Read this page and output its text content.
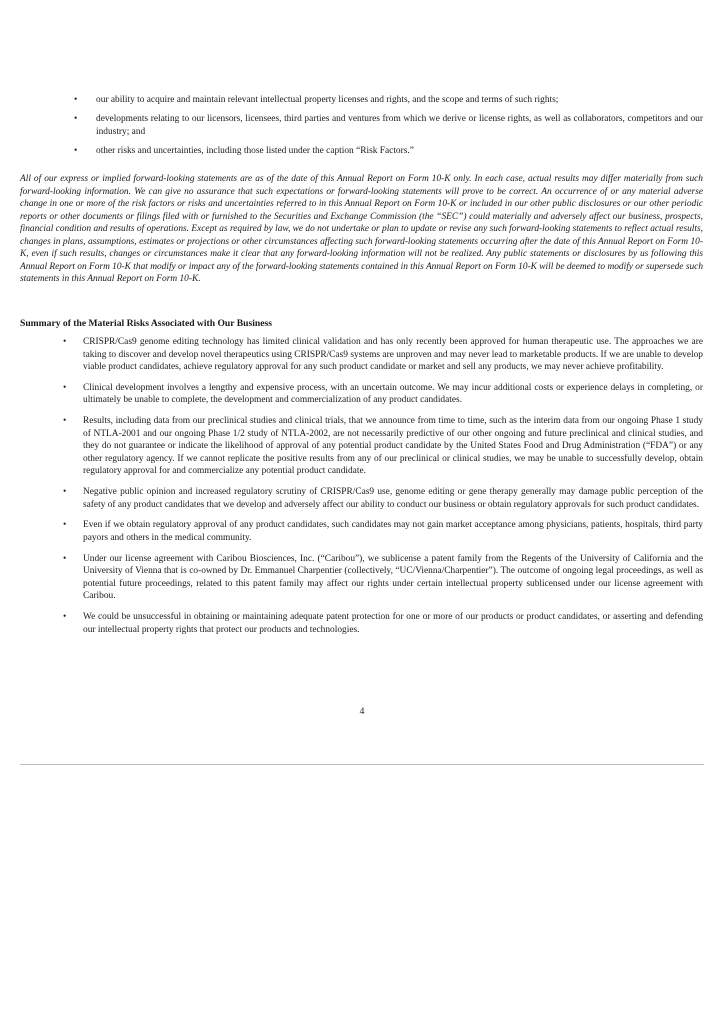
• our ability to acquire and maintain relevant intellectual property licenses and rights, and the scope and terms of such rights;
• developments relating to our licensors, licensees, third parties and ventures from which we derive or license rights, as well as collaborators, competitors and our industry; and
• other risks and uncertainties, including those listed under the caption “Risk Factors.”

All of our express or implied forward-looking statements are as of the date of this Annual Report on Form 10-K only. In each case, actual results may differ materially from such forward-looking information. We can give no assurance that such expectations or forward-looking statements will prove to be correct. An occurrence of or any material adverse change in one or more of the risk factors or risks and uncertainties referred to in this Annual Report on Form 10-K or included in our other public disclosures or our other periodic reports or other documents or filings filed with or furnished to the Securities and Exchange Commission (the “SEC”) could materially and adversely affect our business, prospects, financial condition and results of operations. Except as required by law, we do not undertake or plan to update or revise any such forward-looking statements to reflect actual results, changes in plans, assumptions, estimates or projections or other circumstances affecting such forward-looking statements occurring after the date of this Annual Report on Form 10-K, even if such results, changes or circumstances make it clear that any forward-looking information will not be realized. Any public statements or disclosures by us following this Annual Report on Form 10-K that modify or impact any of the forward-looking statements contained in this Annual Report on Form 10-K will be deemed to modify or supersede such statements in this Annual Report on Form 10-K.

Summary of the Material Risks Associated with Our Business
• CRISPR/Cas9 genome editing technology has limited clinical validation and has only recently been approved for human therapeutic use. The approaches we are taking to discover and develop novel therapeutics using CRISPR/Cas9 systems are unproven and may never lead to marketable products. If we are unable to develop viable product candidates, achieve regulatory approval for any such product candidate or market and sell any products, we may never achieve profitability.
• Clinical development involves a lengthy and expensive process, with an uncertain outcome. We may incur additional costs or experience delays in completing, or ultimately be unable to complete, the development and commercialization of any product candidates.
• Results, including data from our preclinical studies and clinical trials, that we announce from time to time, such as the interim data from our ongoing Phase 1 study of NTLA-2001 and our ongoing Phase 1/2 study of NTLA-2002, are not necessarily predictive of our other ongoing and future preclinical and clinical studies, and they do not guarantee or indicate the likelihood of approval of any potential product candidate by the United States Food and Drug Administration (“FDA”) or any other regulatory agency. If we cannot replicate the positive results from any of our preclinical or clinical studies, we may be unable to successfully develop, obtain regulatory approval for and commercialize any potential product candidate.
• Negative public opinion and increased regulatory scrutiny of CRISPR/Cas9 use, genome editing or gene therapy generally may damage public perception of the safety of any product candidates that we develop and adversely affect our ability to conduct our business or obtain regulatory approvals for such product candidates.
• Even if we obtain regulatory approval of any product candidates, such candidates may not gain market acceptance among physicians, patients, hospitals, third party payors and others in the medical community.
• Under our license agreement with Caribou Biosciences, Inc. (“Caribou”), we sublicense a patent family from the Regents of the University of California and the University of Vienna that is co-owned by Dr. Emmanuel Charpentier (collectively, “UC/Vienna/Charpentier”). The outcome of ongoing legal proceedings, as well as potential future proceedings, related to this patent family may affect our rights under certain intellectual property sublicensed under our license agreement with Caribou.
• We could be unsuccessful in obtaining or maintaining adequate patent protection for one or more of our products or product candidates, or asserting and defending our intellectual property rights that protect our products and technologies.

4
